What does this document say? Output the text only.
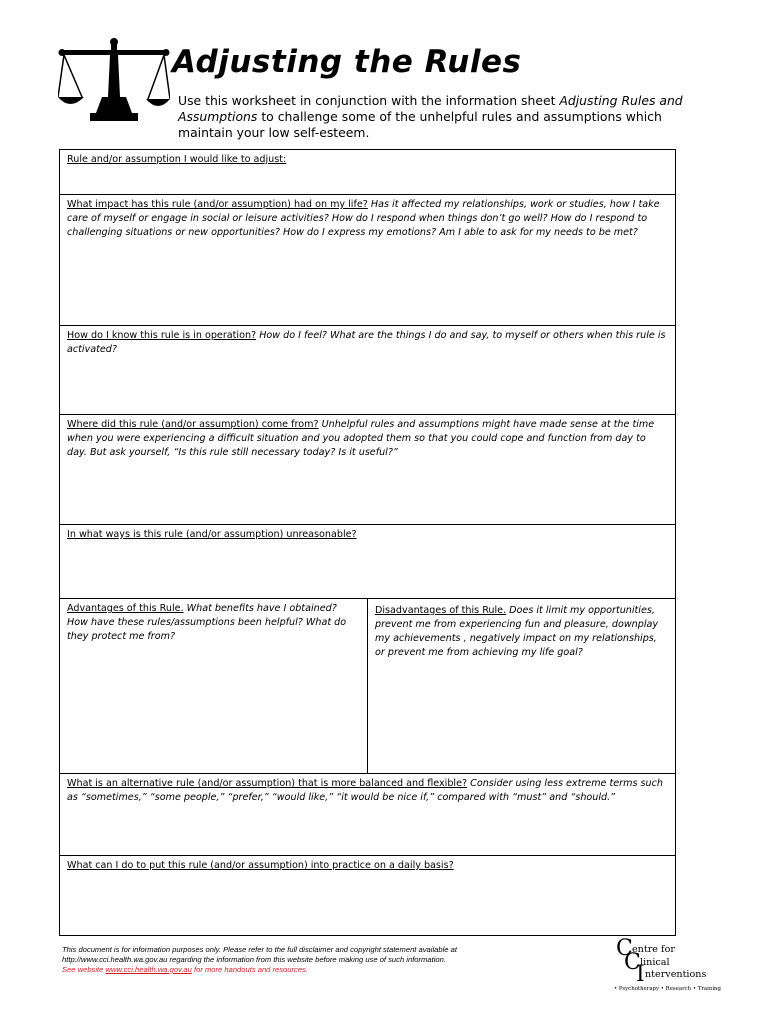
Adjusting the Rules
Use this worksheet in conjunction with the information sheet Adjusting Rules and
Assumptions to challenge some of the unhelpful rules and assumptions which
maintain your low self-esteem.
Rule and/or assumption I would like to adjust:
What impact has this rule (and/or assumption) had on my life? Has it affected my relationships, work or studies, how I take care of myself or engage in social or leisure activities? How do I respond when things don’t go well? How do I respond to challenging situations or new opportunities? How do I express my emotions? Am I able to ask for my needs to be met?
How do I know this rule is in operation? How do I feel? What are the things I do and say, to myself or others when this rule is activated?
Where did this rule (and/or assumption) come from? Unhelpful rules and assumptions might have made sense at the time when you were experiencing a difficult situation and you adopted them so that you could cope and function from day to day. But ask yourself, “Is this rule still necessary today? Is it useful?”
In what ways is this rule (and/or assumption) unreasonable?
Advantages of this Rule. What benefits have I obtained? How have these rules/assumptions been helpful? What do they protect me from?
Disadvantages of this Rule. Does it limit my opportunities, prevent me from experiencing fun and pleasure, downplay my achievements , negatively impact on my relationships, or prevent me from achieving my life goal?
What is an alternative rule (and/or assumption) that is more balanced and flexible? Consider using less extreme terms such as “sometimes,” “some people,” “prefer,” “would like,” “it would be nice if,” compared with “must” and “should.”
What can I do to put this rule (and/or assumption) into practice on a daily basis?
This document is for information purposes only. Please refer to the full disclaimer and copyright statement available at
http://www.cci.health.wa.gov.au regarding the information from this website before making use of such information.
See website www.cci.health.wa.gov.au for more handouts and resources.
C entre for
C linical
I nterventions
• Psychotherapy • Research • Training
